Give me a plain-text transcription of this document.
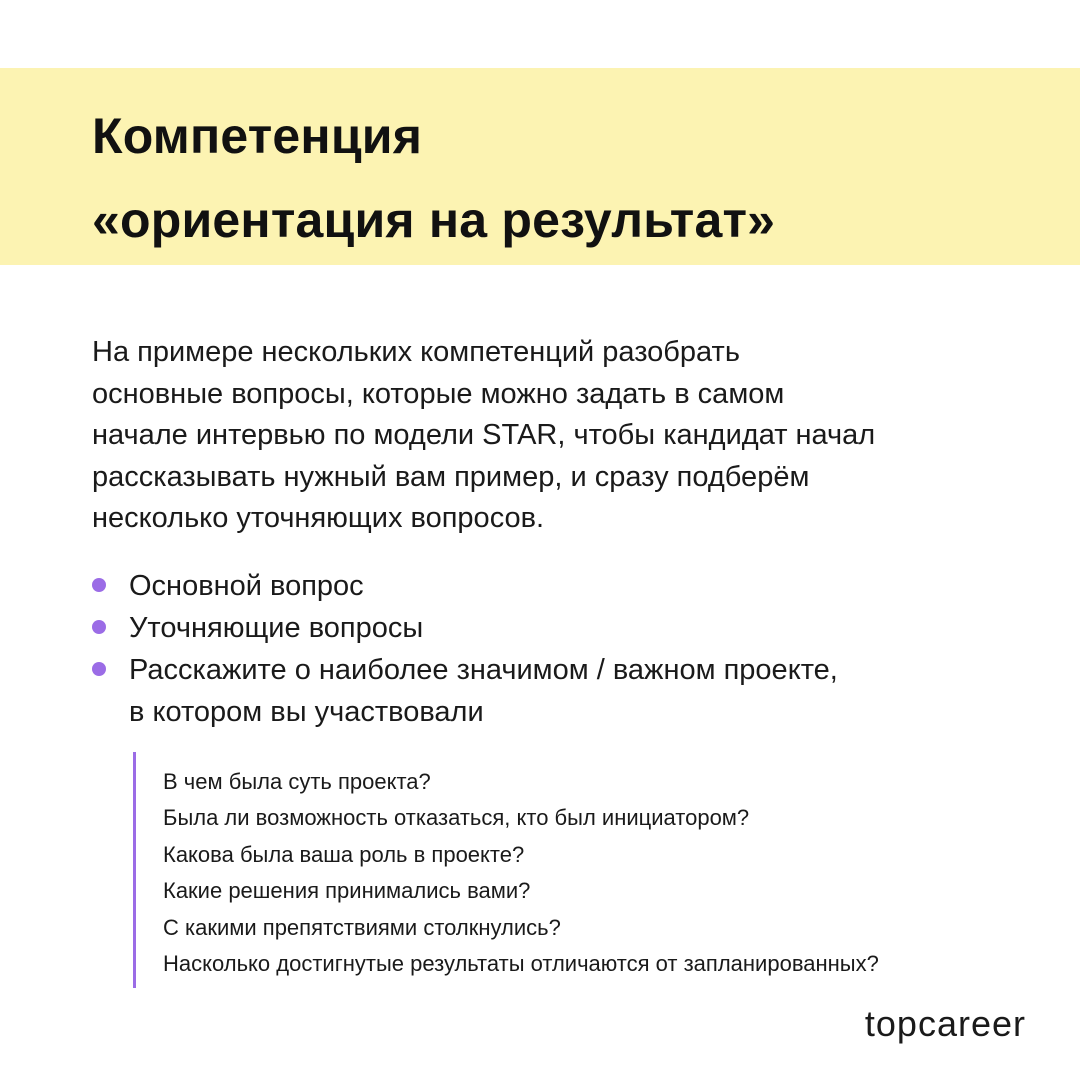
Компетенция
«ориентация на результат»

На примере нескольких компетенций разобрать
основные вопросы, которые можно задать в самом
начале интервью по модели STAR, чтобы кандидат начал
рассказывать нужный вам пример, и сразу подберём
несколько уточняющих вопросов.

Основной вопрос
Уточняющие вопросы
Расскажите о наиболее значимом / важном проекте,
в котором вы участвовали
В чем была суть проекта?
Была ли возможность отказаться, кто был инициатором?
Какова была ваша роль в проекте?
Какие решения принимались вами?
С какими препятствиями столкнулись?
Насколько достигнутые результаты отличаются от запланированных?
topcareer
